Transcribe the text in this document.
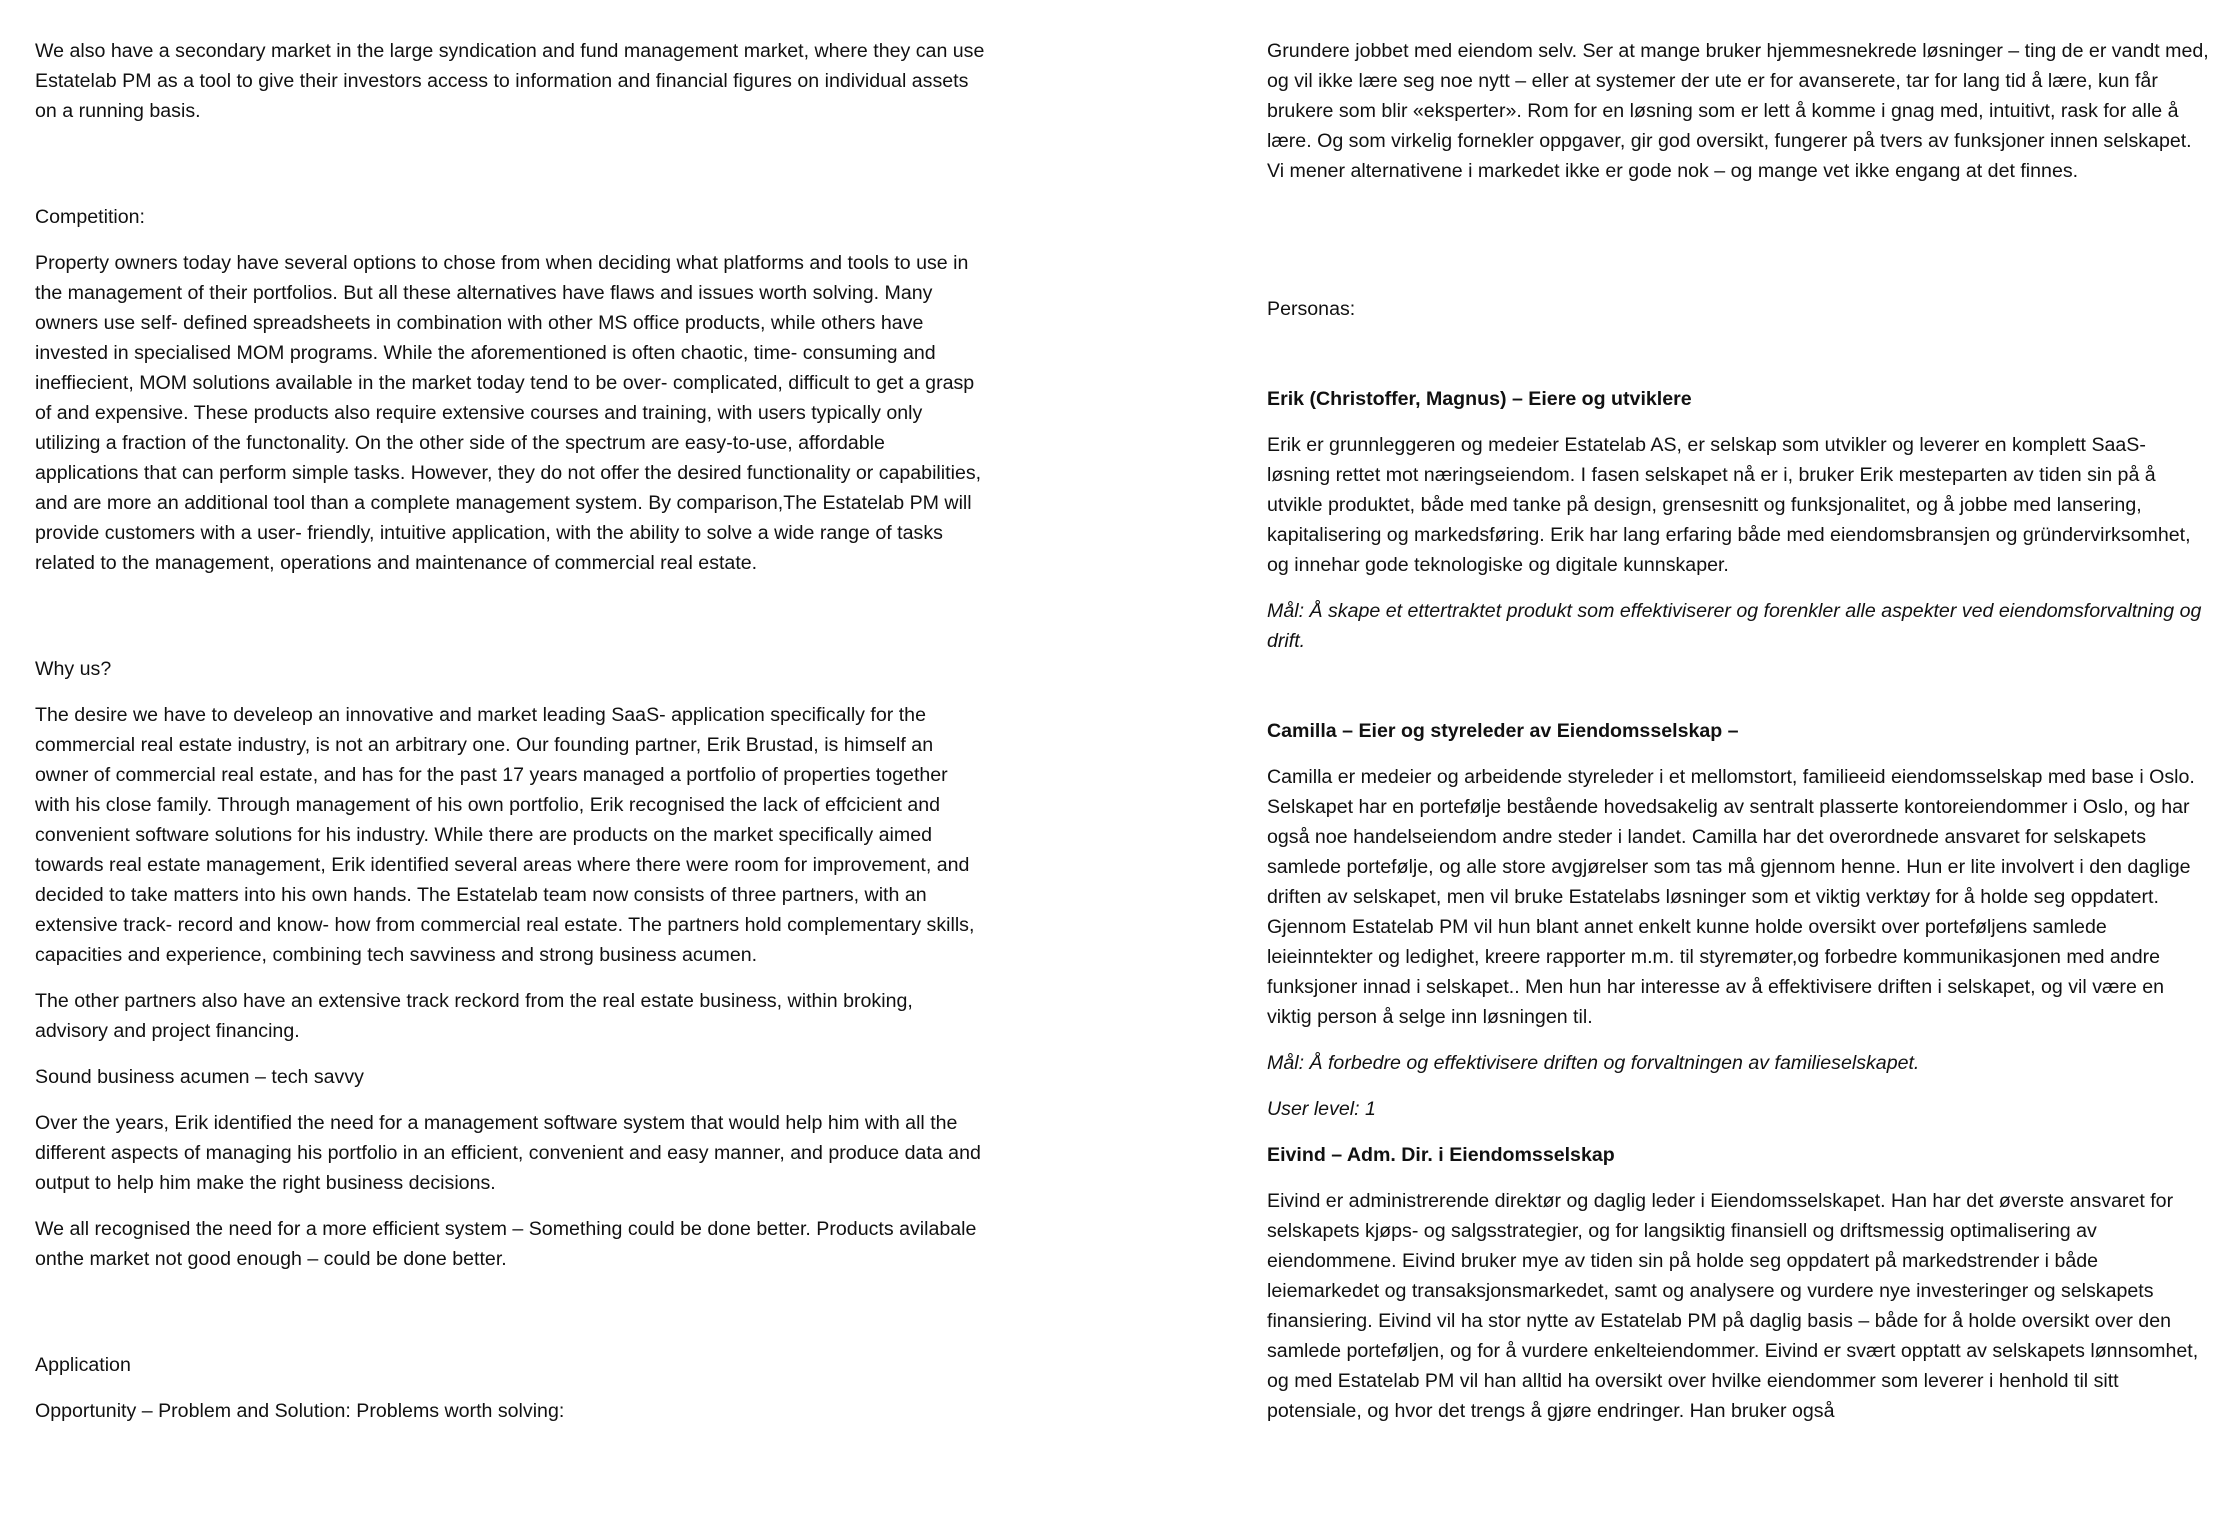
We also have a secondary market in the large syndication and fund management market, where they can use Estatelab PM as a tool to give their investors access to information and financial figures on individual assets on a running basis.

Competition:

Property owners today have several options to chose from when deciding what platforms and tools to use in the management of their portfolios. But all these alternatives have flaws and issues worth solving. Many owners use self- defined spreadsheets in combination with other MS office products, while others have invested in specialised MOM programs. While the aforementioned is often chaotic, time- consuming and ineffiecient, MOM solutions available in the market today tend to be over- complicated, difficult to get a grasp of and expensive. These products also require extensive courses and training, with users typically only utilizing a fraction of the functonality. On the other side of the spectrum are easy-to-use, affordable applications that can perform simple tasks. However, they do not offer the desired functionality or capabilities, and are more an additional tool than a complete management system. By comparison,The Estatelab PM will provide customers with a user- friendly, intuitive application, with the ability to solve a wide range of tasks related to the management, operations and maintenance of commercial real estate.

Why us?

The desire we have to develeop an innovative and market leading SaaS- application specifically for the commercial real estate industry, is not an arbitrary one. Our founding partner, Erik Brustad, is himself an owner of commercial real estate, and has for the past 17 years managed a portfolio of properties together with his close family. Through management of his own portfolio, Erik recognised the lack of effcicient and convenient software solutions for his industry. While there are products on the market specifically aimed towards real estate management, Erik identified several areas where there were room for improvement, and decided to take matters into his own hands. The Estatelab team now consists of three partners, with an extensive track- record and know- how from commercial real estate. The partners hold complementary skills, capacities and experience, combining tech savviness and strong business acumen.

The other partners also have an extensive track reckord from the real estate business, within broking, advisory and project financing.

Sound business acumen – tech savvy

Over the years, Erik identified the need for a management software system that would help him with all the different aspects of managing his portfolio in an efficient, convenient and easy manner, and produce data and output to help him make the right business decisions.

We all recognised the need for a more efficient system – Something could be done better. Products avilabale onthe market not good enough – could be done better.

Application

Opportunity – Problem and Solution: Problems worth solving:

Grundere jobbet med eiendom selv. Ser at mange bruker hjemmesnekrede løsninger – ting de er vandt med, og vil ikke lære seg noe nytt – eller at systemer der ute er for avanserete, tar for lang tid å lære, kun får brukere som blir «eksperter». Rom for en løsning som er lett å komme i gnag med, intuitivt, rask for alle å lære. Og som virkelig fornekler oppgaver, gir god oversikt, fungerer på tvers av funksjoner innen selskapet. Vi mener alternativene i markedet ikke er gode nok – og mange vet ikke engang at det finnes.

Personas:

Erik (Christoffer, Magnus) – Eiere og utviklere

Erik er grunnleggeren og medeier Estatelab AS, er selskap som utvikler og leverer en komplett SaaS- løsning rettet mot næringseiendom. I fasen selskapet nå er i, bruker Erik mesteparten av tiden sin på å utvikle produktet, både med tanke på design, grensesnitt og funksjonalitet, og å jobbe med lansering, kapitalisering og markedsføring. Erik har lang erfaring både med eiendomsbransjen og gründervirksomhet, og innehar gode teknologiske og digitale kunnskaper.

Mål: Å skape et ettertraktet produkt som effektiviserer og forenkler alle aspekter ved eiendomsforvaltning og drift.

Camilla – Eier og styreleder av Eiendomsselskap –

Camilla er medeier og arbeidende styreleder i et mellomstort, familieeid eiendomsselskap med base i Oslo. Selskapet har en portefølje bestående hovedsakelig av sentralt plasserte kontoreiendommer i Oslo, og har også noe handelseiendom andre steder i landet. Camilla har det overordnede ansvaret for selskapets samlede portefølje, og alle store avgjørelser som tas må gjennom henne. Hun er lite involvert i den daglige driften av selskapet, men vil bruke Estatelabs løsninger som et viktig verktøy for å holde seg oppdatert. Gjennom Estatelab PM vil hun blant annet enkelt kunne holde oversikt over porteføljens samlede leieinntekter og ledighet, kreere rapporter m.m. til styremøter,og forbedre kommunikasjonen med andre funksjoner innad i selskapet.. Men hun har interesse av å effektivisere driften i selskapet, og vil være en viktig person å selge inn løsningen til.

Mål: Å forbedre og effektivisere driften og forvaltningen av familieselskapet.

User level: 1

Eivind – Adm. Dir. i Eiendomsselskap

Eivind er administrerende direktør og daglig leder i Eiendomsselskapet. Han har det øverste ansvaret for selskapets kjøps- og salgsstrategier, og for langsiktig finansiell og driftsmessig optimalisering av eiendommene. Eivind bruker mye av tiden sin på holde seg oppdatert på markedstrender i både leiemarkedet og transaksjonsmarkedet, samt og analysere og vurdere nye investeringer og selskapets finansiering. Eivind vil ha stor nytte av Estatelab PM på daglig basis – både for å holde oversikt over den samlede porteføljen, og for å vurdere enkelteiendommer. Eivind er svært opptatt av selskapets lønnsomhet, og med Estatelab PM vil han alltid ha oversikt over hvilke eiendommer som leverer i henhold til sitt potensiale, og hvor det trengs å gjøre endringer. Han bruker også
